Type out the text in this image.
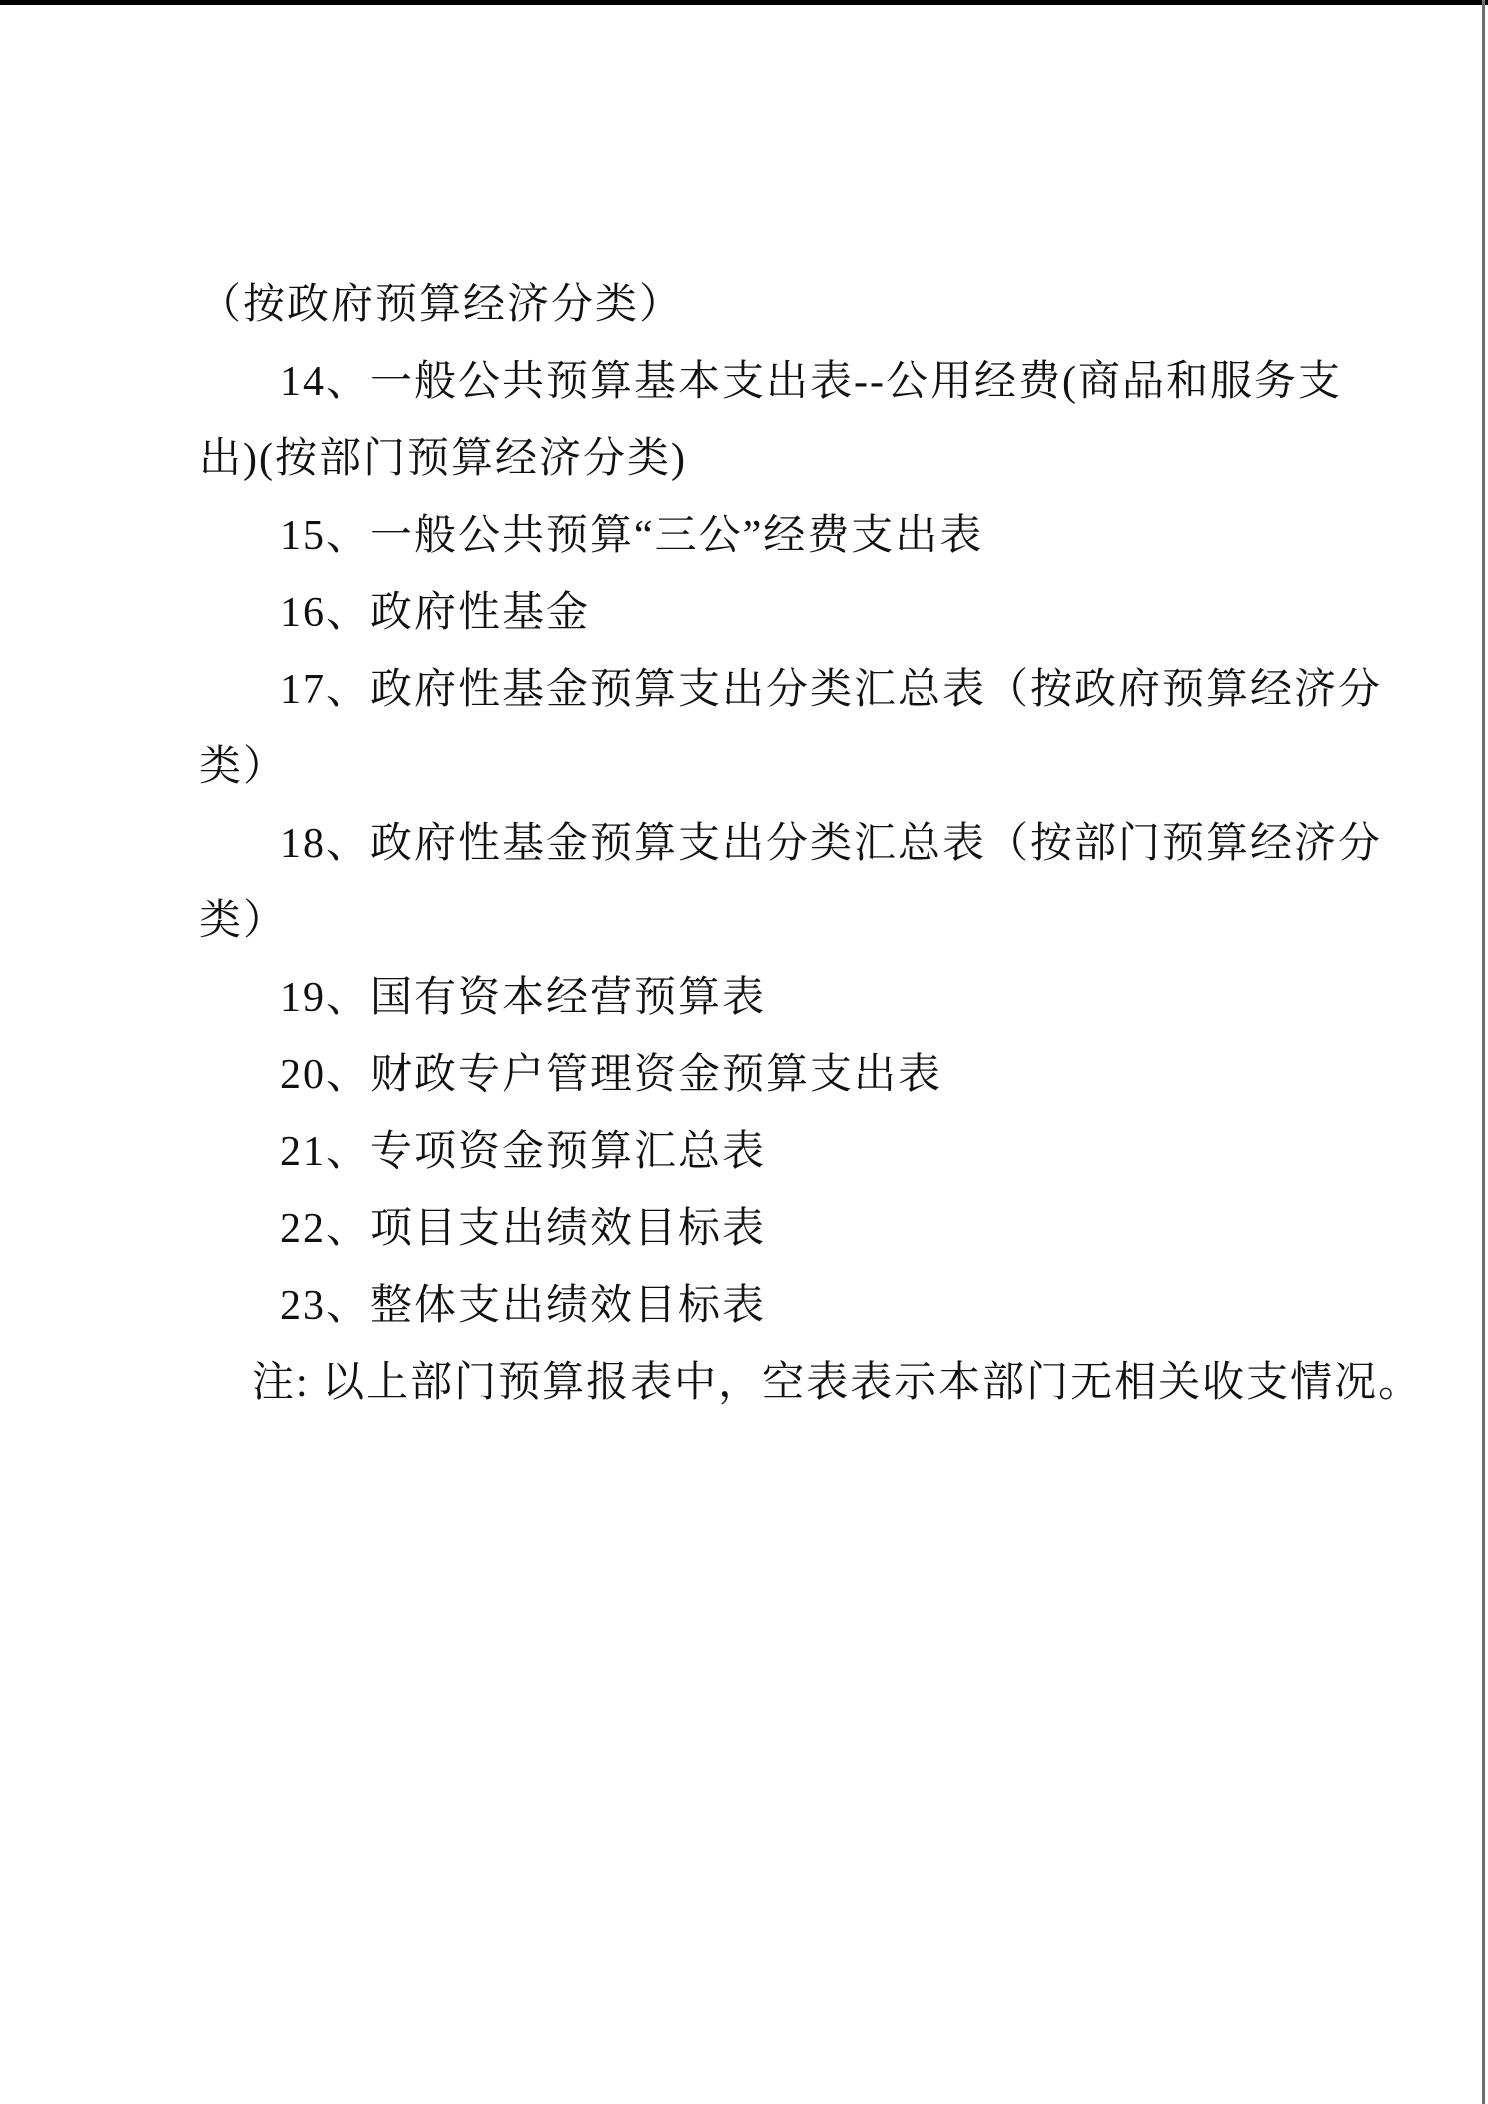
（按政府预算经济分类）
14、一般公共预算基本支出表--公用经费(商品和服务支
出)(按部门预算经济分类)
15、一般公共预算“三公”经费支出表
16、政府性基金
17、政府性基金预算支出分类汇总表（按政府预算经济分
类）
18、政府性基金预算支出分类汇总表（按部门预算经济分
类）
19、国有资本经营预算表
20、财政专户管理资金预算支出表
21、专项资金预算汇总表
22、项目支出绩效目标表
23、整体支出绩效目标表
注: 以上部门预算报表中，空表表示本部门无相关收支情况。
